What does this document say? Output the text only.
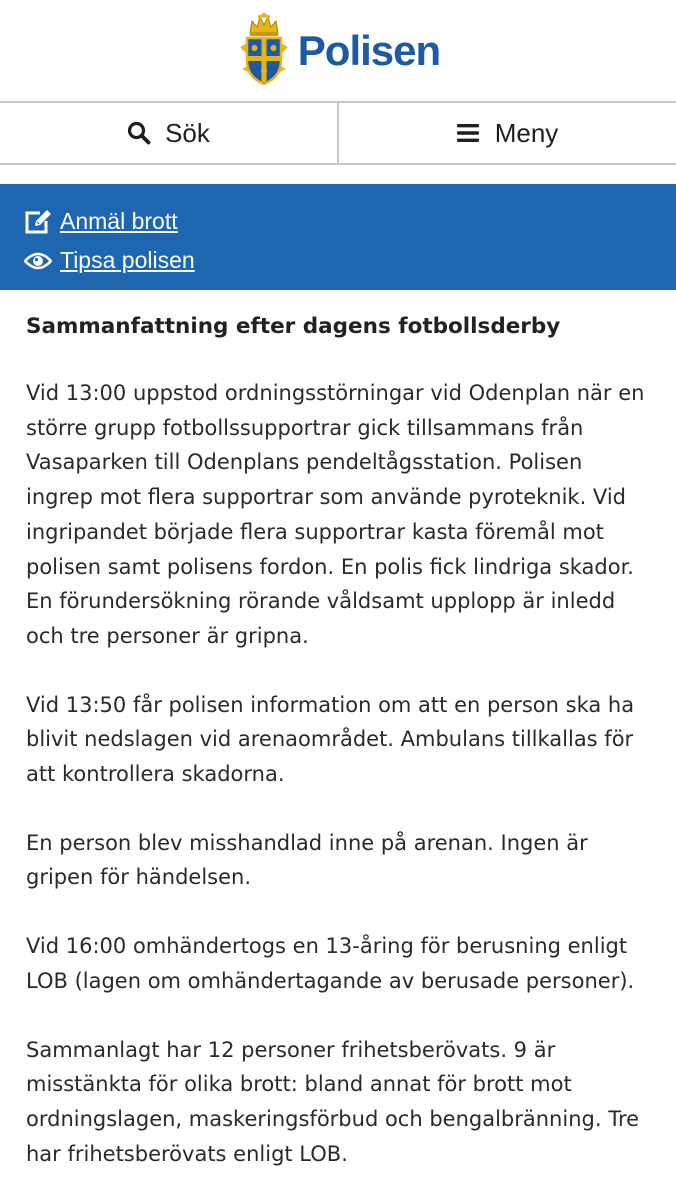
Polisen
Sök	Meny
Anmäl brott
Tipsa polisen
Sammanfattning efter dagens fotbollsderby

Vid 13:00 uppstod ordningsstörningar vid Odenplan när en större grupp fotbollssupportrar gick tillsammans från Vasaparken till Odenplans pendeltågsstation. Polisen ingrep mot flera supportrar som använde pyroteknik. Vid ingripandet började flera supportrar kasta föremål mot polisen samt polisens fordon. En polis fick lindriga skador. En förundersökning rörande våldsamt upplopp är inledd och tre personer är gripna.

Vid 13:50 får polisen information om att en person ska ha blivit nedslagen vid arenaområdet. Ambulans tillkallas för att kontrollera skadorna.

En person blev misshandlad inne på arenan. Ingen är gripen för händelsen.

Vid 16:00 omhändertogs en 13-åring för berusning enligt LOB (lagen om omhändertagande av berusade personer).

Sammanlagt har 12 personer frihetsberövats. 9 är misstänkta för olika brott: bland annat för brott mot ordningslagen, maskeringsförbud och bengalbränning. Tre har frihetsberövats enligt LOB.
